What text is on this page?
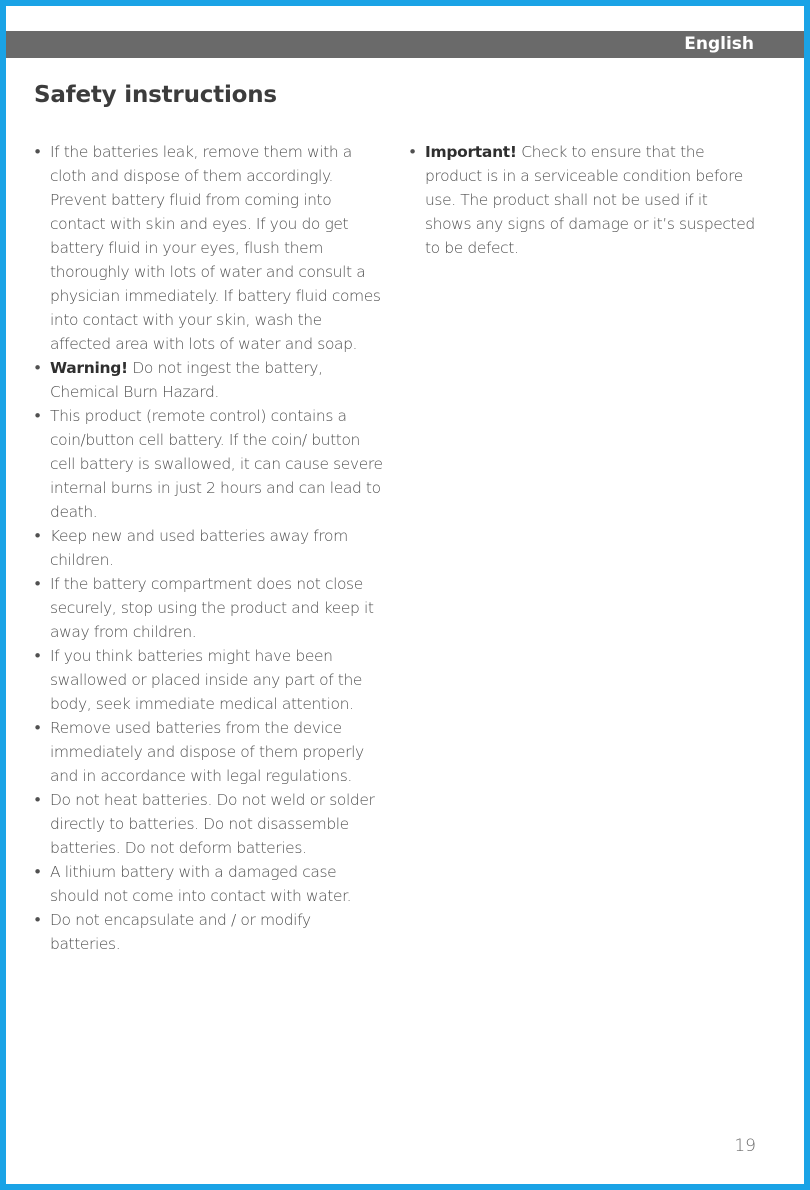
English
Safety instructions
• If the batteries leak, remove them with a cloth and dispose of them accordingly. Prevent battery fluid from coming into contact with skin and eyes. If you do get battery fluid in your eyes, flush them thoroughly with lots of water and consult a physician immediately. If battery fluid comes into contact with your skin, wash the affected area with lots of water and soap.
• Warning! Do not ingest the battery, Chemical Burn Hazard.
• This product (remote control) contains a coin/button cell battery. If the coin/ button cell battery is swallowed, it can cause severe internal burns in just 2 hours and can lead to death.
• Keep new and used batteries away from children.
• If the battery compartment does not close securely, stop using the product and keep it away from children.
• If you think batteries might have been swallowed or placed inside any part of the body, seek immediate medical attention.
• Remove used batteries from the device immediately and dispose of them properly and in accordance with legal regulations.
• Do not heat batteries. Do not weld or solder directly to batteries. Do not disassemble batteries. Do not deform batteries.
• A lithium battery with a damaged case should not come into contact with water.
• Do not encapsulate and / or modify batteries.
• Important! Check to ensure that the product is in a serviceable condition before use. The product shall not be used if it shows any signs of damage or it’s suspected to be defect.
19
